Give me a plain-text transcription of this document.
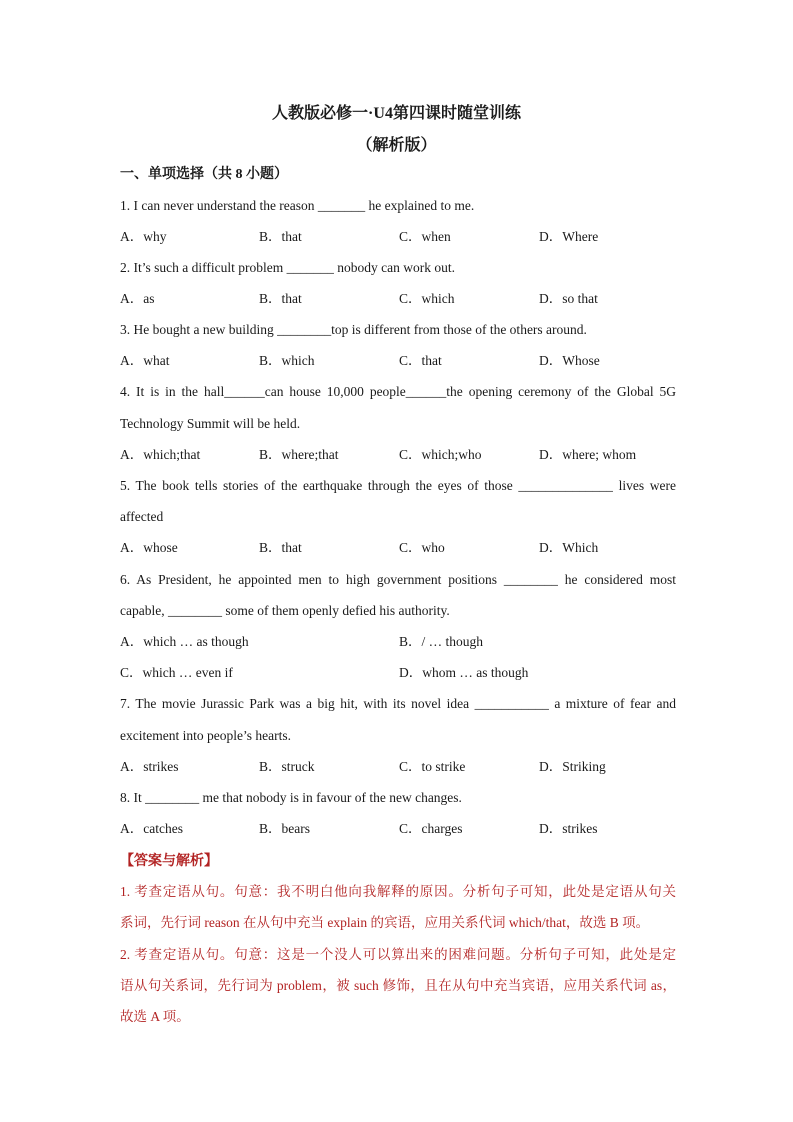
人教版必修一·U4第四课时随堂训练
（解析版）
一、单项选择（共 8 小题）
1. I can never understand the reason _______ he explained to me.
A．why	B．that	C．when	D．Where
2. It’s such a difficult problem _______ nobody can work out.
A．as	B．that	C．which	D．so that
3. He bought a new building ________top is different from those of the others around.
A．what	B．which	C．that	D．Whose
4. It is in the hall______can house 10,000 people______the opening ceremony of the Global 5G
Technology Summit will be held.
A．which;that	B．where;that	C．which;who	D．where; whom
5. The book tells stories of the earthquake through the eyes of those ______________ lives were
affected
A．whose	B．that	C．who	D．Which
6. As President, he appointed men to high government positions ________ he considered most
capable, ________ some of them openly defied his authority.
A．which … as though	B．/ … though
C．which … even if	D．whom … as though
7. The movie Jurassic Park was a big hit, with its novel idea ___________ a mixture of fear and
excitement into people’s hearts.
A．strikes	B．struck	C．to strike	D．Striking
8. It ________ me that nobody is in favour of the new changes.
A．catches	B．bears	C．charges	D．strikes
【答案与解析】
1. 考查定语从句。句意：我不明白他向我解释的原因。分析句子可知，此处是定语从句关
系词，先行词 reason 在从句中充当 explain 的宾语，应用关系代词 which/that，故选 B 项。
2. 考查定语从句。句意：这是一个没人可以算出来的困难问题。分析句子可知，此处是定
语从句关系词，先行词为 problem，被 such 修饰，且在从句中充当宾语，应用关系代词 as，
故选 A 项。
